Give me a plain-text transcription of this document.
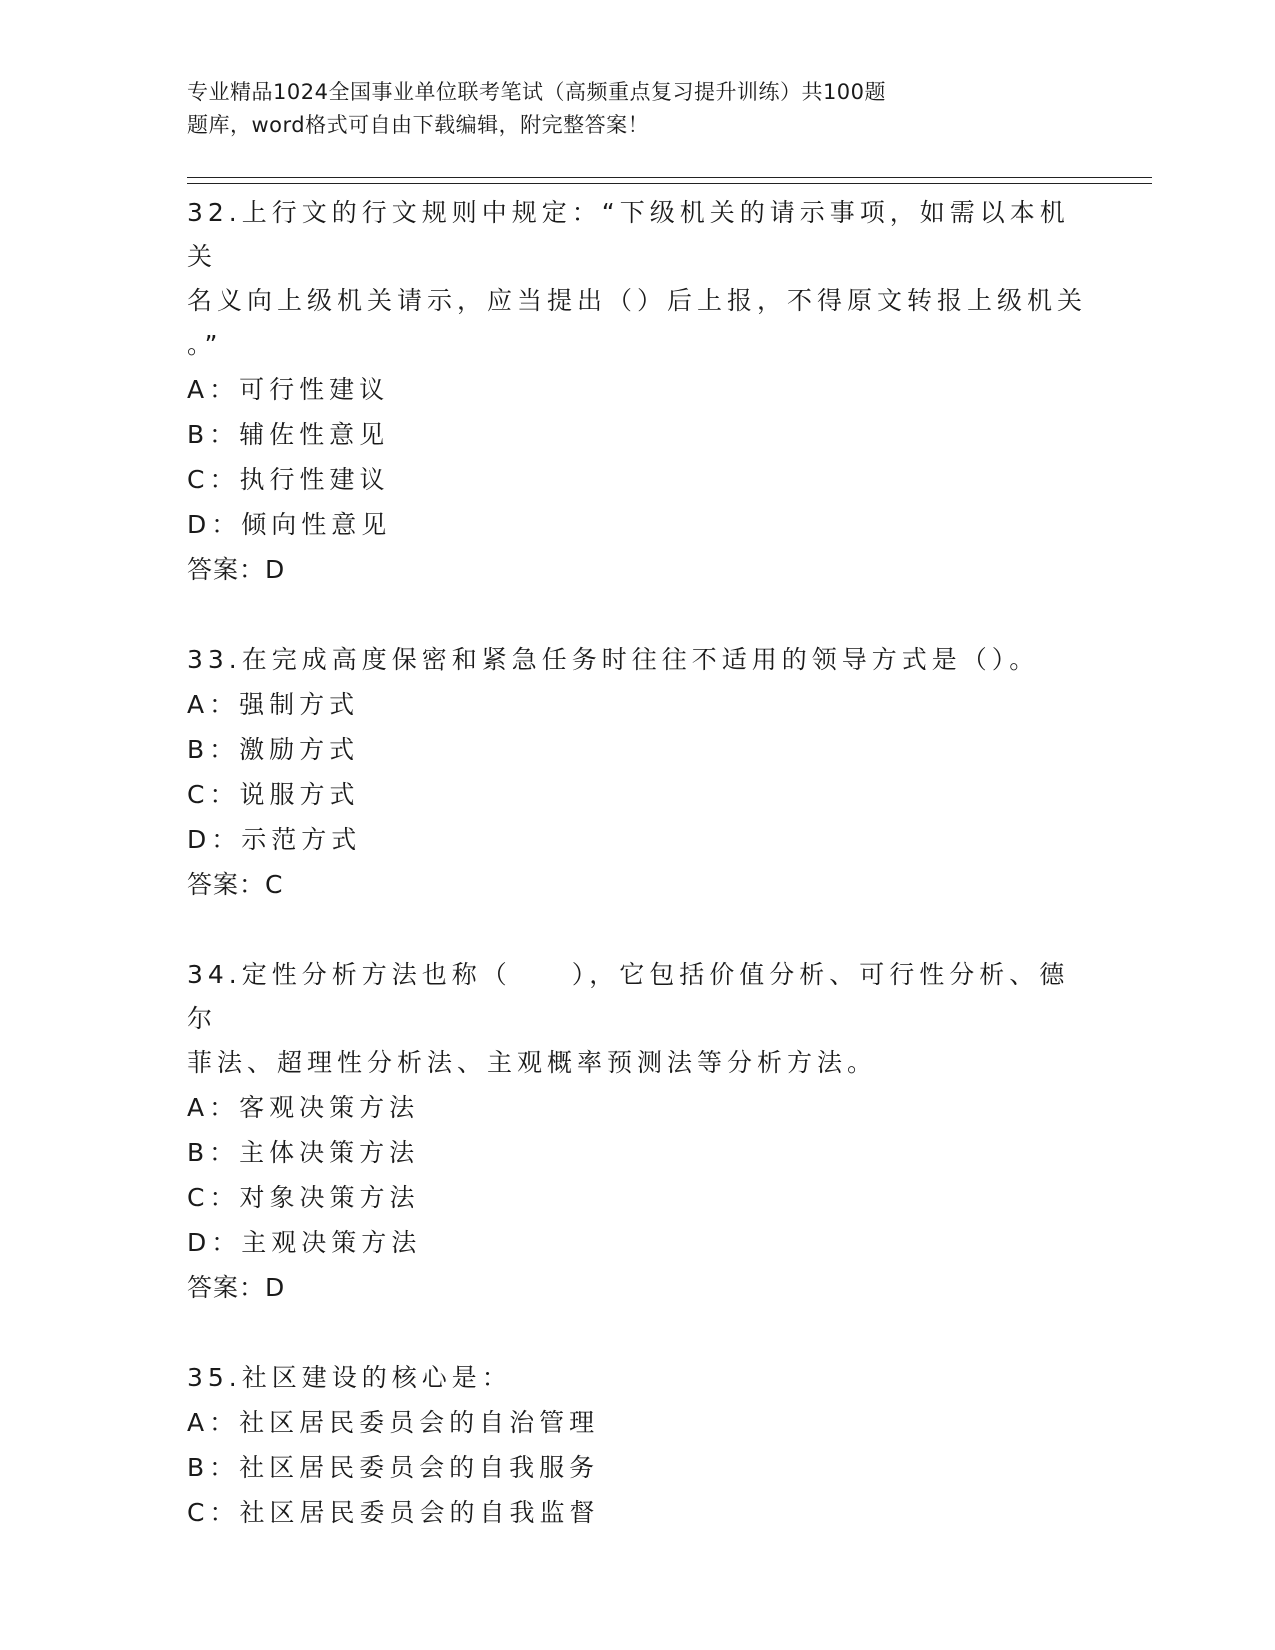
专业精品1024全国事业单位联考笔试（高频重点复习提升训练）共100题
题库，word格式可自由下载编辑，附完整答案！

32.上行文的行文规则中规定：“下级机关的请示事项，如需以本机关

名义向上级机关请示，应当提出（）后上报，不得原文转报上级机关

。”

A：可行性建议

B：辅佐性意见

C：执行性建议

D：倾向性意见

答案：D

33.在完成高度保密和紧急任务时往往不适用的领导方式是（）。

A：强制方式

B：激励方式

C：说服方式

D：示范方式

答案：C

34.定性分析方法也称（　　），它包括价值分析、可行性分析、德尔

菲法、超理性分析法、主观概率预测法等分析方法。

A：客观决策方法

B：主体决策方法

C：对象决策方法

D：主观决策方法

答案：D

35.社区建设的核心是：

A：社区居民委员会的自治管理

B：社区居民委员会的自我服务

C：社区居民委员会的自我监督
